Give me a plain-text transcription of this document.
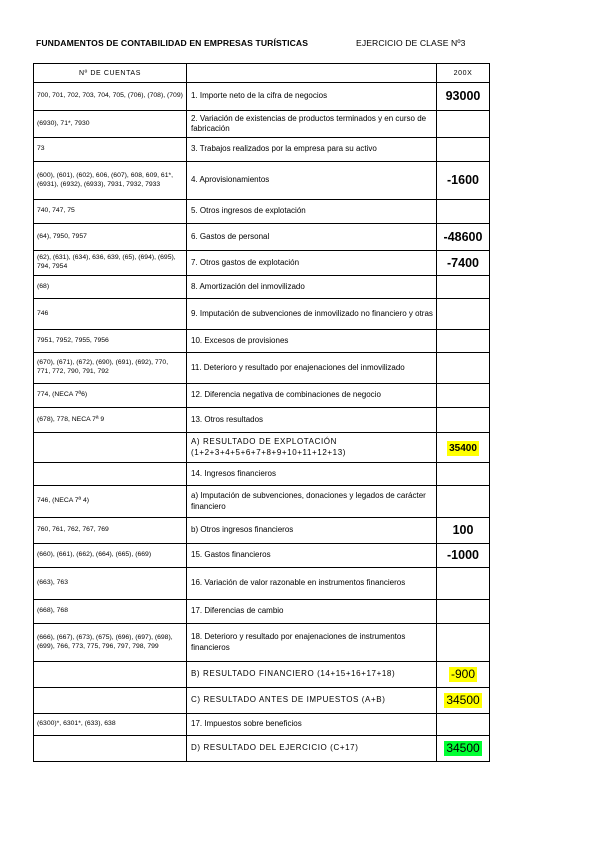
FUNDAMENTOS DE CONTABILIDAD EN EMPRESAS TURÍSTICAS	EJERCICIO DE CLASE Nº3
Nº DE CUENTAS		200X
700, 701, 702, 703, 704, 705, (706), (708), (709)	1. Importe neto de la cifra de negocios	93000
(6930), 71*, 7930	2. Variación de existencias de productos terminados y en curso de fabricación	
73	3. Trabajos realizados por la empresa para su activo	
(600), (601), (602), 606, (607), 608, 609, 61*, (6931), (6932), (6933), 7931, 7932, 7933	4. Aprovisionamientos	-1600
740, 747, 75	5. Otros ingresos de explotación	
(64), 7950, 7957	6. Gastos de personal	-48600
(62), (631), (634), 636, 639, (65), (694), (695), 794, 7954	7. Otros gastos de explotación	-7400
(68)	8. Amortización del inmovilizado	
746	9. Imputación de subvenciones de inmovilizado no financiero y otras	
7951, 7952, 7955, 7956	10. Excesos de provisiones	
(670), (671), (672), (690), (691), (692), 770, 771, 772, 790, 791, 792	11. Deterioro y resultado por enajenaciones del inmovilizado	
774, (NECA 7ª6)	12. Diferencia negativa de combinaciones de negocio	
(678), 778, NECA 7ª 9	13. Otros resultados	
	A) RESULTADO DE EXPLOTACIÓN (1+2+3+4+5+6+7+8+9+10+11+12+13)	35400
	14. Ingresos financieros	
746, (NECA 7ª 4)	a) Imputación de subvenciones, donaciones y legados de carácter financiero	
760, 761, 762, 767, 769	b) Otros ingresos financieros	100
(660), (661), (662), (664), (665), (669)	15. Gastos financieros	-1000
(663), 763	16. Variación de valor razonable en instrumentos financieros	
(668), 768	17. Diferencias de cambio	
(666), (667), (673), (675), (696), (697), (698), (699), 766, 773, 775, 796, 797, 798, 799	18. Deterioro y resultado por enajenaciones de instrumentos financieros	
	B) RESULTADO FINANCIERO (14+15+16+17+18)	-900
	C) RESULTADO ANTES DE IMPUESTOS (A+B)	34500
(6300)*, 6301*, (633), 638	17. Impuestos sobre beneficios	
	D) RESULTADO DEL EJERCICIO (C+17)	34500
